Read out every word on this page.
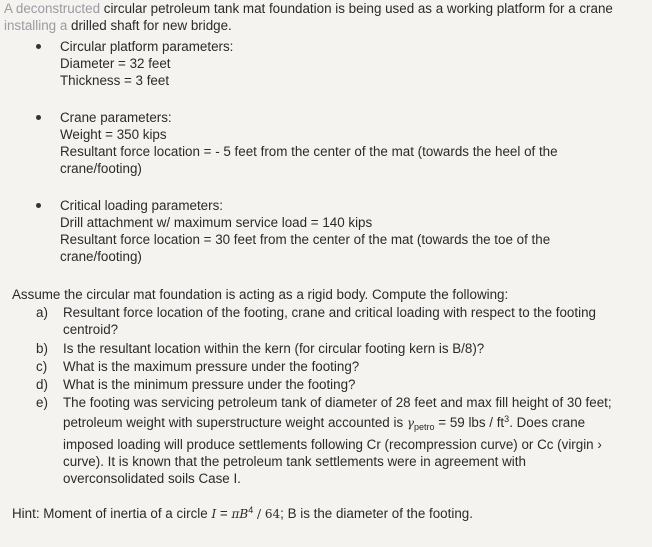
A deconstructed circular petroleum tank mat foundation is being used as a working platform for a crane
installing a drilled shaft for new bridge.
Circular platform parameters:
Diameter = 32 feet
Thickness = 3 feet
Crane parameters:
Weight = 350 kips
Resultant force location = - 5 feet from the center of the mat (towards the heel of the
crane/footing)
Critical loading parameters:
Drill attachment w/ maximum service load = 140 kips
Resultant force location = 30 feet from the center of the mat (towards the toe of the
crane/footing)
Assume the circular mat foundation is acting as a rigid body. Compute the following:
a)	Resultant force location of the footing, crane and critical loading with respect to the footing
centroid?
b)	Is the resultant location within the kern (for circular footing kern is B/8)?
c)	What is the maximum pressure under the footing?
d)	What is the minimum pressure under the footing?
e)	The footing was servicing petroleum tank of diameter of 28 feet and max fill height of 30 feet;
petroleum weight with superstructure weight accounted is $\gamma_{petro} = 59$ lbs / $ft^3$. Does crane
imposed loading will produce settlements following Cr (recompression curve) or Cc (virgin ›
curve). It is known that the petroleum tank settlements were in agreement with
overconsolidated soils Case I.
Hint: Moment of inertia of a circle $I = \pi B^4 / 64$; B is the diameter of the footing.
